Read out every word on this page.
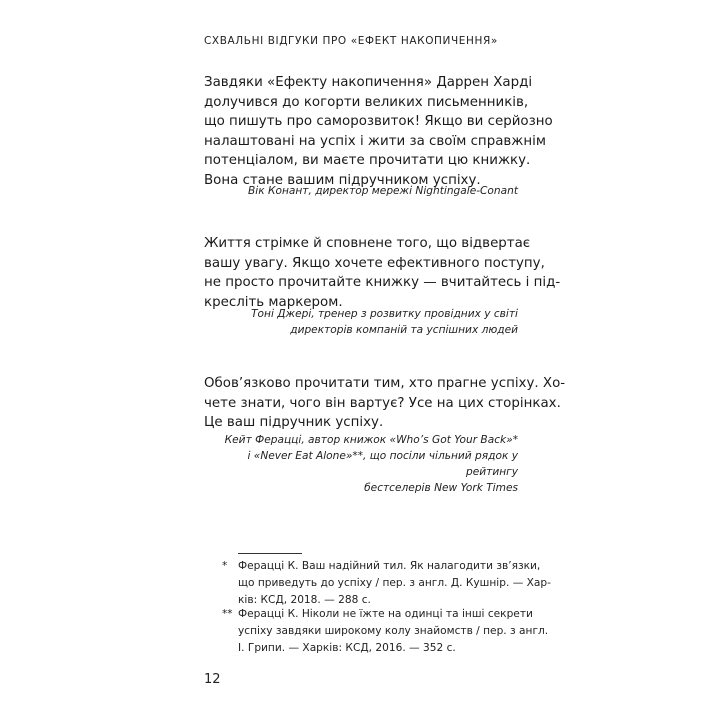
СХВАЛЬНІ ВІДГУКИ ПРО «ЕФЕКТ НАКОПИЧЕННЯ»
Завдяки «Ефекту накопичення» Даррен Харді
долучився до когорти великих письменників,
що пишуть про саморозвиток! Якщо ви серйозно
налаштовані на успіх і жити за своїм справжнім
потенціалом, ви маєте прочитати цю книжку.
Вона стане вашим підручником успіху.
Вік Конант, директор мережі Nightingale-Conant
Життя стрімке й сповнене того, що відвертає
вашу увагу. Якщо хочете ефективного поступу,
не просто прочитайте книжку — вчитайтесь і під-
кресліть маркером.
Тоні Джері, тренер з розвитку провідних у світі
директорів компаній та успішних людей
Обов’язково прочитати тим, хто прагне успіху. Хо-
чете знати, чого він вартує? Усе на цих сторінках.
Це ваш підручник успіху.
Кейт Ферацці, автор книжок «Who’s Got Your Back»*
і «Never Eat Alone»**, що посіли чільний рядок у рейтингу
бестселерів New York Times
* Ферацці К. Ваш надійний тил. Як налагодити зв’язки,
що приведуть до успіху / пер. з англ. Д. Кушнір. — Хар-
ків: КСД, 2018. — 288 с.
** Ферацці К. Ніколи не їжте на одинці та інші секрети
успіху завдяки широкому колу знайомств / пер. з англ.
І. Грипи. — Харків: КСД, 2016. — 352 с.
12
